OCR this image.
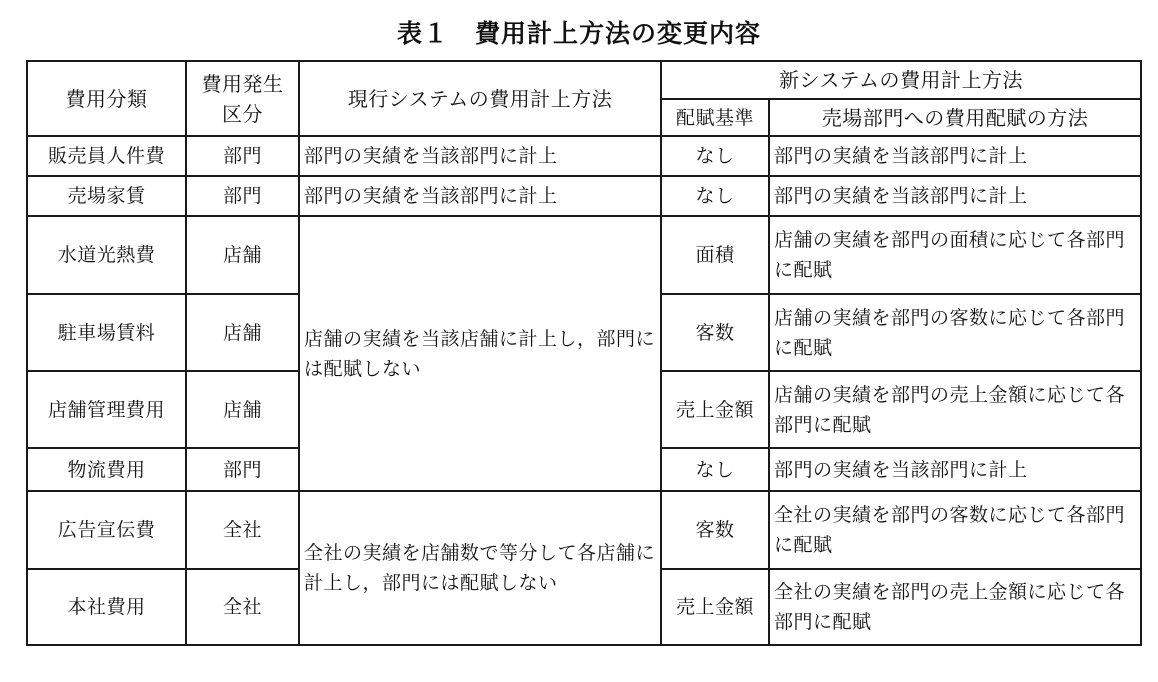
表１　費用計上方法の変更内容
費用分類	費用発生区分	現行システムの費用計上方法	新システムの費用計上方法	
			配賦基準	売場部門への費用配賦の方法
販売員人件費	部門	部門の実績を当該部門に計上	なし	部門の実績を当該部門に計上
売場家賃	部門	部門の実績を当該部門に計上	なし	部門の実績を当該部門に計上
水道光熱費	店舗	店舗の実績を当該店舗に計上し，部門には配賦しない	面積	店舗の実績を部門の面積に応じて各部門に配賦
駐車場賃料	店舗		客数	店舗の実績を部門の客数に応じて各部門に配賦
店舗管理費用	店舗		売上金額	店舗の実績を部門の売上金額に応じて各部門に配賦
物流費用	部門		なし	部門の実績を当該部門に計上
広告宣伝費	全社	全社の実績を店舗数で等分して各店舗に計上し，部門には配賦しない	客数	全社の実績を部門の客数に応じて各部門に配賦
本社費用	全社		売上金額	全社の実績を部門の売上金額に応じて各部門に配賦
